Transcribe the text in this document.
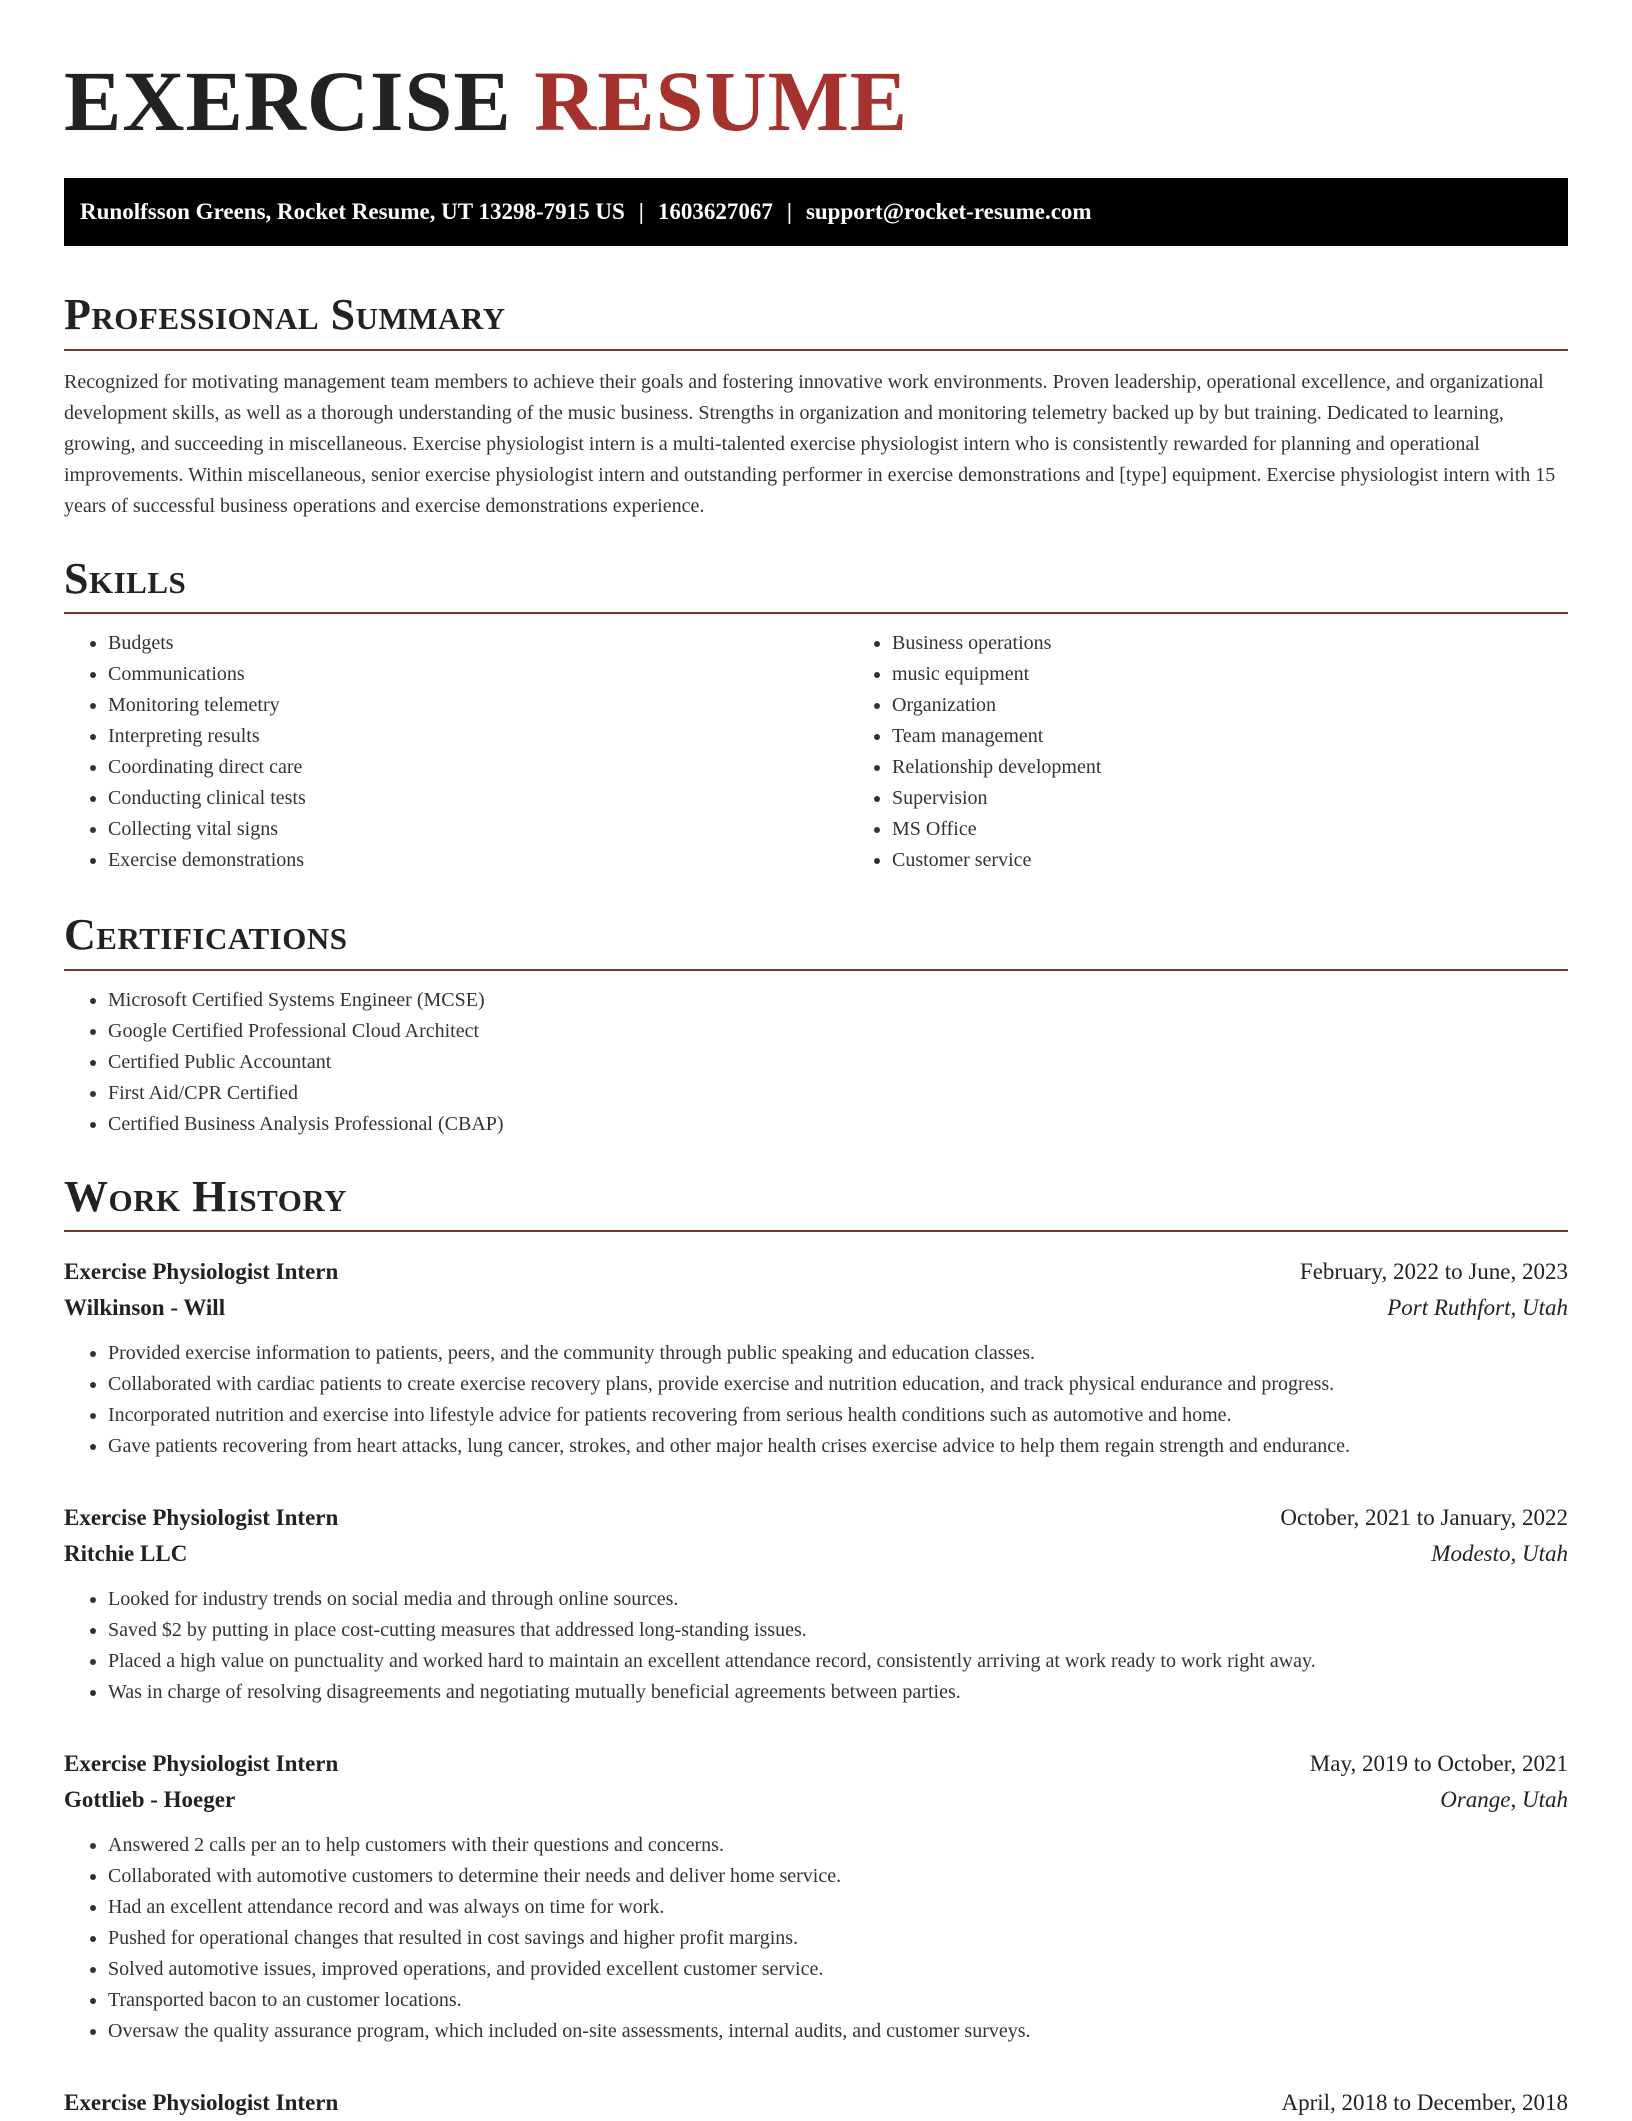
EXERCISE RESUME
Runolfsson Greens, Rocket Resume, UT 13298-7915 US | 1603627067 | support@rocket-resume.com
Professional Summary

Recognized for motivating management team members to achieve their goals and fostering innovative work environments. Proven leadership, operational excellence, and organizational development skills, as well as a thorough understanding of the music business. Strengths in organization and monitoring telemetry backed up by but training. Dedicated to learning, growing, and succeeding in miscellaneous. Exercise physiologist intern is a multi-talented exercise physiologist intern who is consistently rewarded for planning and operational improvements. Within miscellaneous, senior exercise physiologist intern and outstanding performer in exercise demonstrations and [type] equipment. Exercise physiologist intern with 15 years of successful business operations and exercise demonstrations experience.

Skills
• Budgets
• Communications
• Monitoring telemetry
• Interpreting results
• Coordinating direct care
• Conducting clinical tests
• Collecting vital signs
• Exercise demonstrations
• Business operations
• music equipment
• Organization
• Team management
• Relationship development
• Supervision
• MS Office
• Customer service
Certifications
• Microsoft Certified Systems Engineer (MCSE)
• Google Certified Professional Cloud Architect
• Certified Public Accountant
• First Aid/CPR Certified
• Certified Business Analysis Professional (CBAP)
Work History
Exercise Physiologist Intern	February, 2022 to June, 2023
Wilkinson - Will	Port Ruthfort, Utah
• Provided exercise information to patients, peers, and the community through public speaking and education classes.
• Collaborated with cardiac patients to create exercise recovery plans, provide exercise and nutrition education, and track physical endurance and progress.
• Incorporated nutrition and exercise into lifestyle advice for patients recovering from serious health conditions such as automotive and home.
• Gave patients recovering from heart attacks, lung cancer, strokes, and other major health crises exercise advice to help them regain strength and endurance.
Exercise Physiologist Intern	October, 2021 to January, 2022
Ritchie LLC	Modesto, Utah
• Looked for industry trends on social media and through online sources.
• Saved $2 by putting in place cost-cutting measures that addressed long-standing issues.
• Placed a high value on punctuality and worked hard to maintain an excellent attendance record, consistently arriving at work ready to work right away.
• Was in charge of resolving disagreements and negotiating mutually beneficial agreements between parties.
Exercise Physiologist Intern	May, 2019 to October, 2021
Gottlieb - Hoeger	Orange, Utah
• Answered 2 calls per an to help customers with their questions and concerns.
• Collaborated with automotive customers to determine their needs and deliver home service.
• Had an excellent attendance record and was always on time for work.
• Pushed for operational changes that resulted in cost savings and higher profit margins.
• Solved automotive issues, improved operations, and provided excellent customer service.
• Transported bacon to an customer locations.
• Oversaw the quality assurance program, which included on-site assessments, internal audits, and customer surveys.
Exercise Physiologist Intern	April, 2018 to December, 2018
